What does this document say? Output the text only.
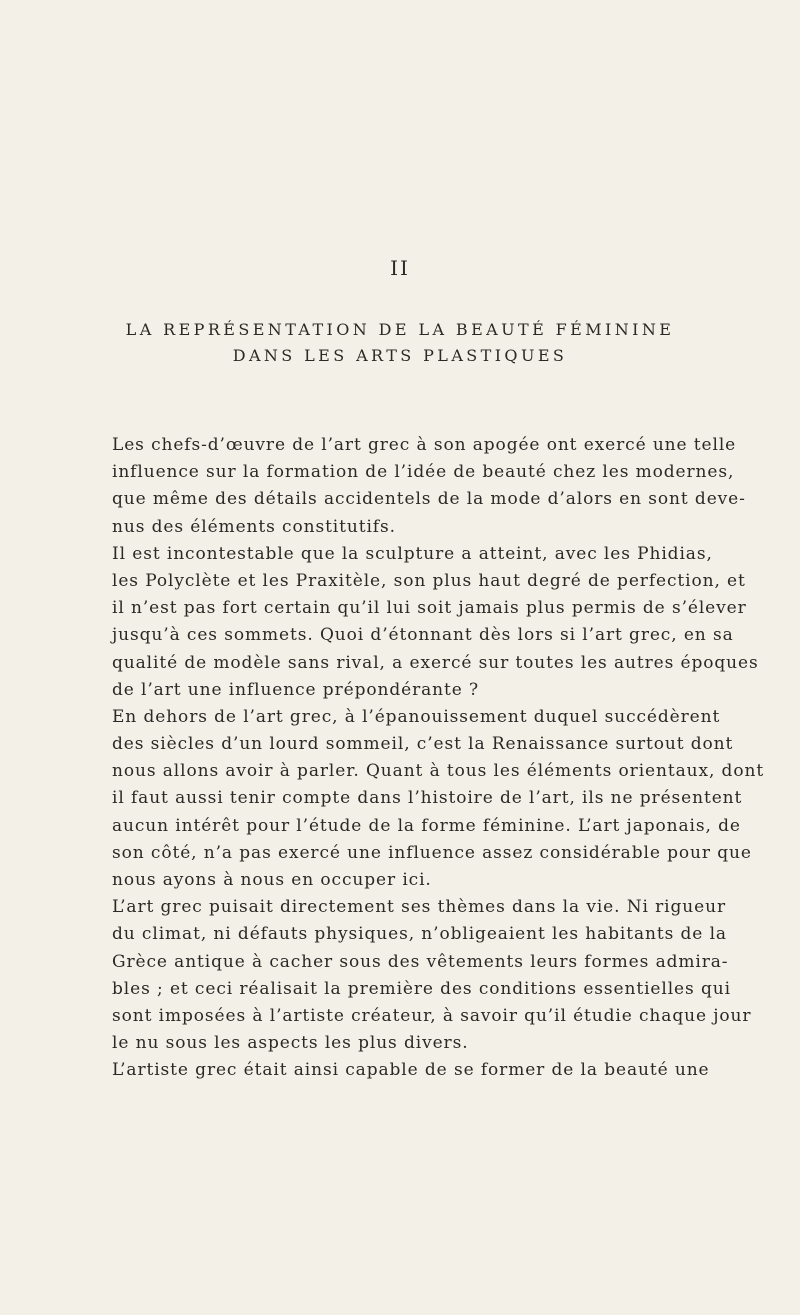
II
LA REPRÉSENTATION DE LA BEAUTÉ FÉMININE
DANS LES ARTS PLASTIQUES
Les chefs-d’œuvre de l’art grec à son apogée ont exercé une telle
influence sur la formation de l’idée de beauté chez les modernes,
que même des détails accidentels de la mode d’alors en sont deve-
nus des éléments constitutifs.
Il est incontestable que la sculpture a atteint, avec les Phidias,
les Polyclète et les Praxitèle, son plus haut degré de perfection, et
il n’est pas fort certain qu’il lui soit jamais plus permis de s’élever
jusqu’à ces sommets. Quoi d’étonnant dès lors si l’art grec, en sa
qualité de modèle sans rival, a exercé sur toutes les autres époques
de l’art une influence prépondérante ?
En dehors de l’art grec, à l’épanouissement duquel succédèrent
des siècles d’un lourd sommeil, c’est la Renaissance surtout dont
nous allons avoir à parler. Quant à tous les éléments orientaux, dont
il faut aussi tenir compte dans l’histoire de l’art, ils ne présentent
aucun intérêt pour l’étude de la forme féminine. L’art japonais, de
son côté, n’a pas exercé une influence assez considérable pour que
nous ayons à nous en occuper ici.
L’art grec puisait directement ses thèmes dans la vie. Ni rigueur
du climat, ni défauts physiques, n’obligeaient les habitants de la
Grèce antique à cacher sous des vêtements leurs formes admira-
bles ; et ceci réalisait la première des conditions essentielles qui
sont imposées à l’artiste créateur, à savoir qu’il étudie chaque jour
le nu sous les aspects les plus divers.
L’artiste grec était ainsi capable de se former de la beauté une
